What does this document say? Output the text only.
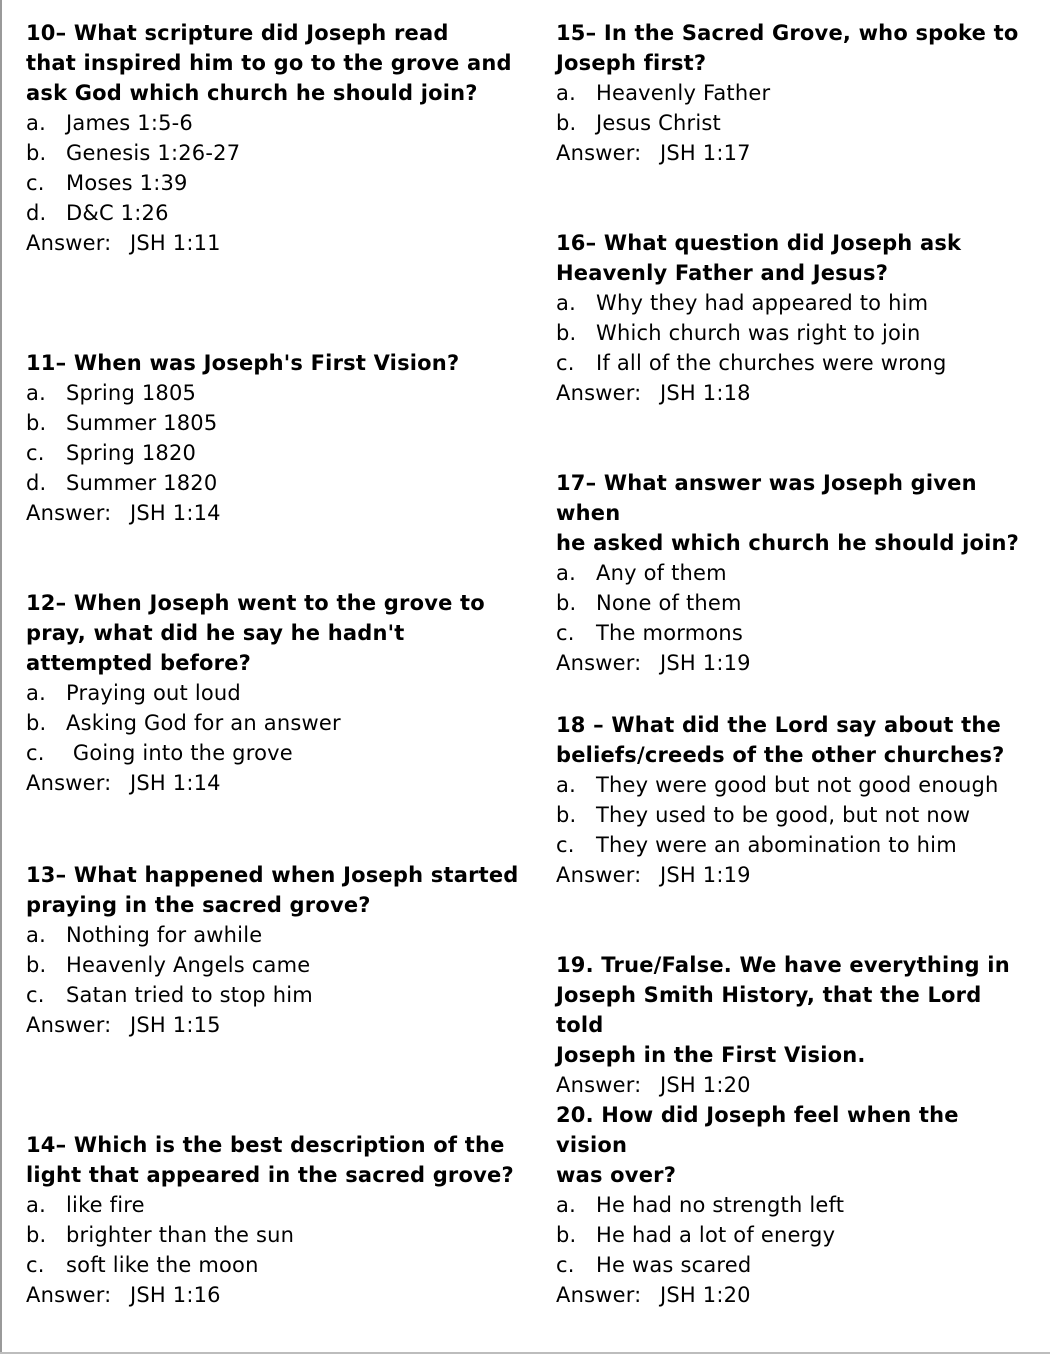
10– What scripture did Joseph read
that inspired him to go to the grove and
ask God which church he should join?
a. James 1:5-6
b. Genesis 1:26-27
c. Moses 1:39
d. D&C 1:26
Answer: JSH 1:11
11– When was Joseph's First Vision?
a. Spring 1805
b. Summer 1805
c. Spring 1820
d. Summer 1820
Answer: JSH 1:14
12– When Joseph went to the grove to
pray, what did he say he hadn't
attempted before?
a. Praying out loud
b. Asking God for an answer
c. Going into the grove
Answer: JSH 1:14
13– What happened when Joseph started
praying in the sacred grove?
a. Nothing for awhile
b. Heavenly Angels came
c. Satan tried to stop him
Answer: JSH 1:15
14– Which is the best description of the
light that appeared in the sacred grove?
a. like fire
b. brighter than the sun
c. soft like the moon
Answer: JSH 1:16
15– In the Sacred Grove, who spoke to
Joseph first?
a. Heavenly Father
b. Jesus Christ
Answer: JSH 1:17
16– What question did Joseph ask
Heavenly Father and Jesus?
a. Why they had appeared to him
b. Which church was right to join
c. If all of the churches were wrong
Answer: JSH 1:18
17– What answer was Joseph given when
he asked which church he should join?
a. Any of them
b. None of them
c. The mormons
Answer: JSH 1:19
18 – What did the Lord say about the
beliefs/creeds of the other churches?
a. They were good but not good enough
b. They used to be good, but not now
c. They were an abomination to him
Answer: JSH 1:19
19. True/False. We have everything in
Joseph Smith History, that the Lord told
Joseph in the First Vision.
Answer: JSH 1:20
20. How did Joseph feel when the vision
was over?
a. He had no strength left
b. He had a lot of energy
c. He was scared
Answer: JSH 1:20
